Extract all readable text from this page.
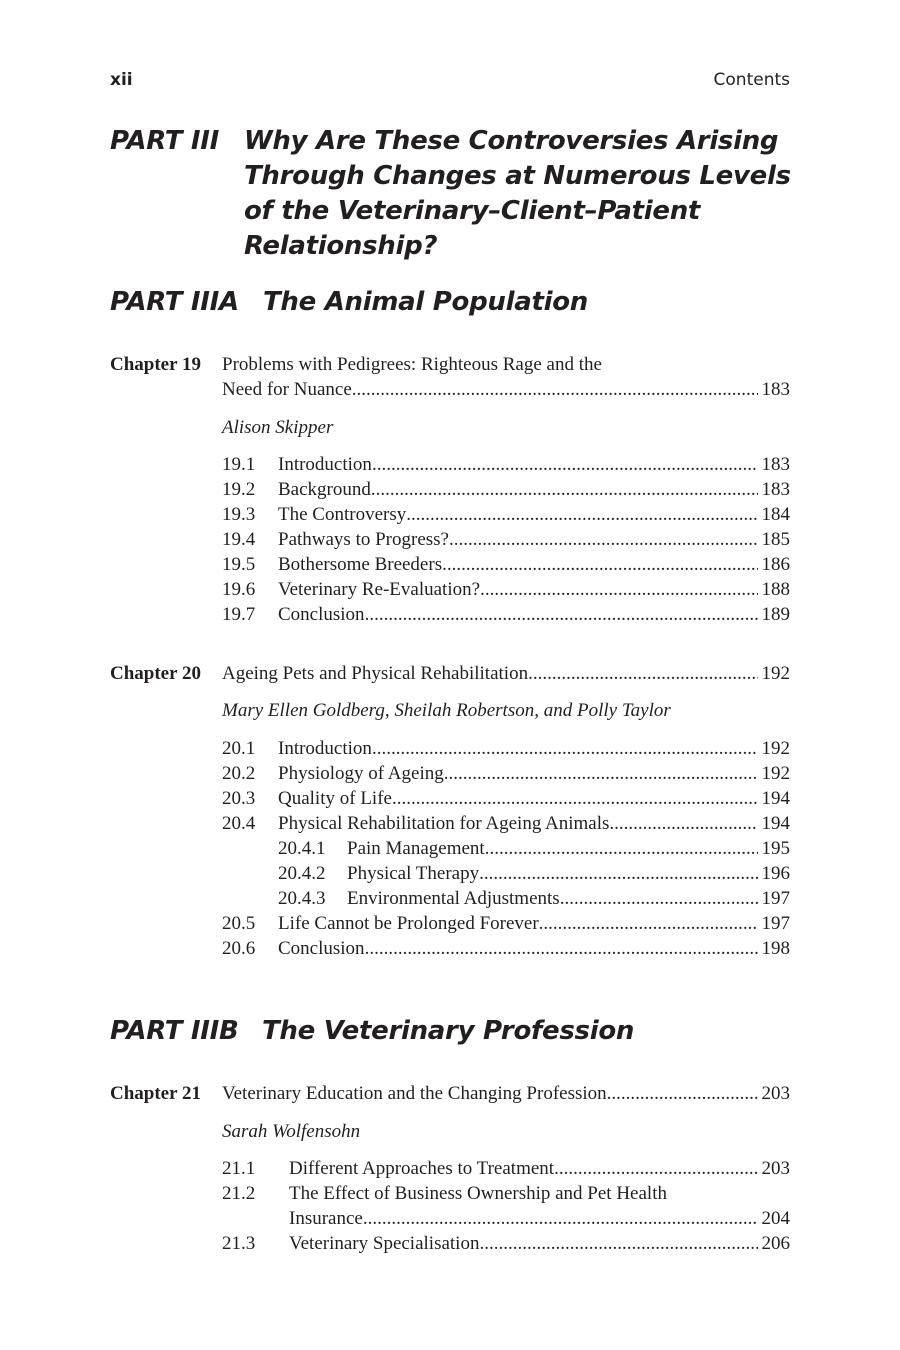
xii	Contents
PART III Why Are These Controversies Arising
Through Changes at Numerous Levels
of the Veterinary–Client–Patient
Relationship?
PART IIIA The Animal Population
Chapter 19 Problems with Pedigrees: Righteous Rage and the
Need for Nuance .....	183
Alison Skipper
19.1 Introduction .....	183
19.2 Background .....	183
19.3 The Controversy .....	184
19.4 Pathways to Progress? .....	185
19.5 Bothersome Breeders .....	186
19.6 Veterinary Re-Evaluation? .....	188
19.7 Conclusion .....	189
Chapter 20 Ageing Pets and Physical Rehabilitation .....	192
Mary Ellen Goldberg, Sheilah Robertson, and Polly Taylor
20.1 Introduction .....	192
20.2 Physiology of Ageing .....	192
20.3 Quality of Life .....	194
20.4 Physical Rehabilitation for Ageing Animals .....	194
20.4.1 Pain Management .....	195
20.4.2 Physical Therapy .....	196
20.4.3 Environmental Adjustments .....	197
20.5 Life Cannot be Prolonged Forever .....	197
20.6 Conclusion .....	198
PART IIIB The Veterinary Profession
Chapter 21 Veterinary Education and the Changing Profession .....	203
Sarah Wolfensohn
21.1 Different Approaches to Treatment .....	203
21.2 The Effect of Business Ownership and Pet Health
Insurance .....	204
21.3 Veterinary Specialisation .....	206
